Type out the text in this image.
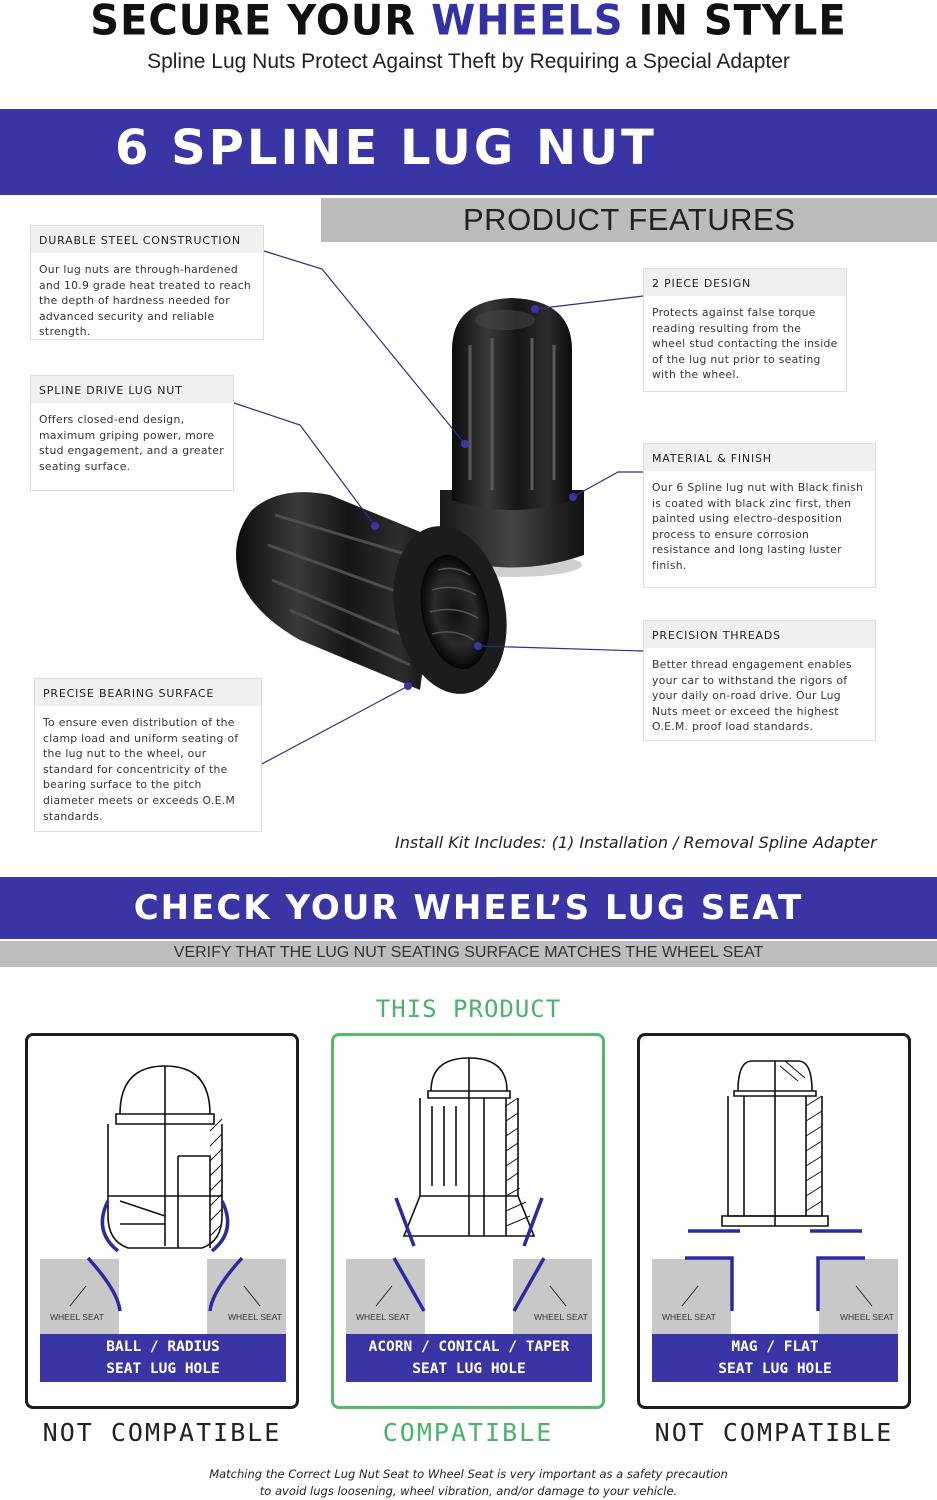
SECURE YOUR WHEELS IN STYLE
Spline Lug Nuts Protect Against Theft by Requiring a Special Adapter
6 SPLINE LUG NUT
PRODUCT FEATURES
DURABLE STEEL CONSTRUCTION
Our lug nuts are through-hardened and 10.9 grade heat treated to reach the depth of hardness needed for advanced security and reliable strength.
SPLINE DRIVE LUG NUT
Offers closed-end design, maximum griping power, more stud engagement, and a greater seating surface.
PRECISE BEARING SURFACE
To ensure even distribution of the clamp load and uniform seating of the lug nut to the wheel, our standard for concentricity of the bearing surface to the pitch diameter meets or exceeds O.E.M standards.
2 PIECE DESIGN
Protects against false torque reading resulting from the wheel stud contacting the inside of the lug nut prior to seating with the wheel.
MATERIAL & FINISH
Our 6 Spline lug nut with Black finish is coated with black zinc first, then painted using electro-desposition process to ensure corrosion resistance and long lasting luster finish.
PRECISION THREADS
Better thread engagement enables your car to withstand the rigors of your daily on-road drive. Our Lug Nuts meet or exceed the highest O.E.M. proof load standards.
Install Kit Includes: (1) Installation / Removal Spline Adapter
CHECK YOUR WHEEL’S LUG SEAT
VERIFY THAT THE LUG NUT SEATING SURFACE MATCHES THE WHEEL SEAT
THIS PRODUCT
WHEEL SEAT	WHEEL SEAT
BALL / RADIUS
SEAT LUG HOLE
NOT COMPATIBLE
WHEEL SEAT	WHEEL SEAT
ACORN / CONICAL / TAPER
SEAT LUG HOLE
COMPATIBLE
WHEEL SEAT	WHEEL SEAT
MAG / FLAT
SEAT LUG HOLE
NOT COMPATIBLE
Matching the Correct Lug Nut Seat to Wheel Seat is very important as a safety precaution
to avoid lugs loosening, wheel vibration, and/or damage to your vehicle.
